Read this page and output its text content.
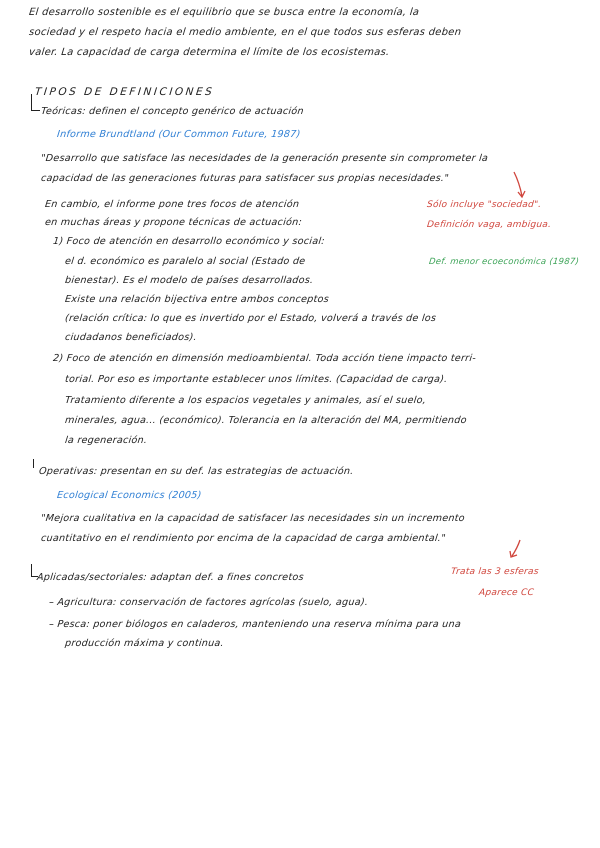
El desarrollo sostenible es el equilibrio que se busca entre la economía, la
sociedad y el respeto hacia el medio ambiente, en el que todos sus esferas deben
valer. La capacidad de carga determina el límite de los ecosistemas.
TIPOS DE DEFINICIONES
Teóricas: definen el concepto genérico de actuación
Informe Brundtland (Our Common Future, 1987)
"Desarrollo que satisface las necesidades de la generación presente sin comprometer la
capacidad de las generaciones futuras para satisfacer sus propias necesidades."
En cambio, el informe pone tres focos de atención
en muchas áreas y propone técnicas de actuación:
Sólo incluye "sociedad".
Definición vaga, ambigua.
Def. menor ecoeconómica (1987)
1) Foco de atención en desarrollo económico y social:
el d. económico es paralelo al social (Estado de
bienestar). Es el modelo de países desarrollados.
Existe una relación bijectiva entre ambos conceptos
(relación crítica: lo que es invertido por el Estado, volverá a través de los
ciudadanos beneficiados).
2) Foco de atención en dimensión medioambiental. Toda acción tiene impacto terri-
torial. Por eso es importante establecer unos límites. (Capacidad de carga).
Tratamiento diferente a los espacios vegetales y animales, así el suelo,
minerales, agua... (económico). Tolerancia en la alteración del MA, permitiendo
la regeneración.
Operativas: presentan en su def. las estrategias de actuación.
Ecological Economics (2005)
"Mejora cualitativa en la capacidad de satisfacer las necesidades sin un incremento
cuantitativo en el rendimiento por encima de la capacidad de carga ambiental."
Trata las 3 esferas
Aparece CC
Aplicadas/sectoriales: adaptan def. a fines concretos
– Agricultura: conservación de factores agrícolas (suelo, agua).
– Pesca: poner biólogos en caladeros, manteniendo una reserva mínima para una
producción máxima y continua.
